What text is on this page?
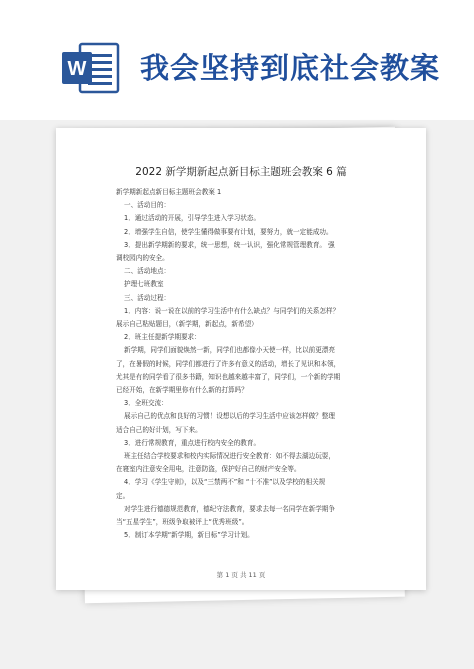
W 我会坚持到底社会教案
2022 新学期新起点新目标主题班会教案 6 篇
新学期新起点新目标主题班会教案 1
一、活动目的：
1．通过活动的开展，引导学生进入学习状态。
2．增强学生自信，使学生懂得做事要有计划，要努力，就一定能成功。
3．提出新学期新的要求，统一思想，统一认识，强化常规管理教育。 强
调校园内的安全。
二、活动地点：
护理七班教室
三、活动过程：
1．内容：说一说在以前的学习生活中有什么缺点？与同学们的关系怎样？
展示自己粘贴题目，（新学期，新起点，新希望）
2．班主任提新学期要求：
新学期，同学们面貌焕然一新，同学们也都像小天使一样，比以前更漂亮
了，在暑假的时候，同学们都进行了许多有意义的活动，增长了见识和本领，
尤其是有的同学看了很多书籍，知识也越来越丰富了，同学们，一个新的学期
已经开始，在新学期里你有什么新的打算吗？
3．全班交流：
展示自己的优点和良好的习惯！设想以后的学习生活中应该怎样做？整理
适合自己的好计划，写下来。
3．进行常规教育，重点进行校内安全的教育。
班主任结合学校要求和校内实际情况进行安全教育：如不得去湖边玩耍，
在寝室内注意安全用电，注意防盗，保护好自己的财产安全等。
4．学习《学生守则》，以及“三禁两不”和 “十不准”以及学校的相关规
定。
对学生进行德德规范教育，德纪守法教育，要求去每一名同学在新学期争
当“五星学生”，班级争取被评上“优秀班级”。
5．制订本学期“新学期，新目标”学习计划。
第 1 页 共 11 页
